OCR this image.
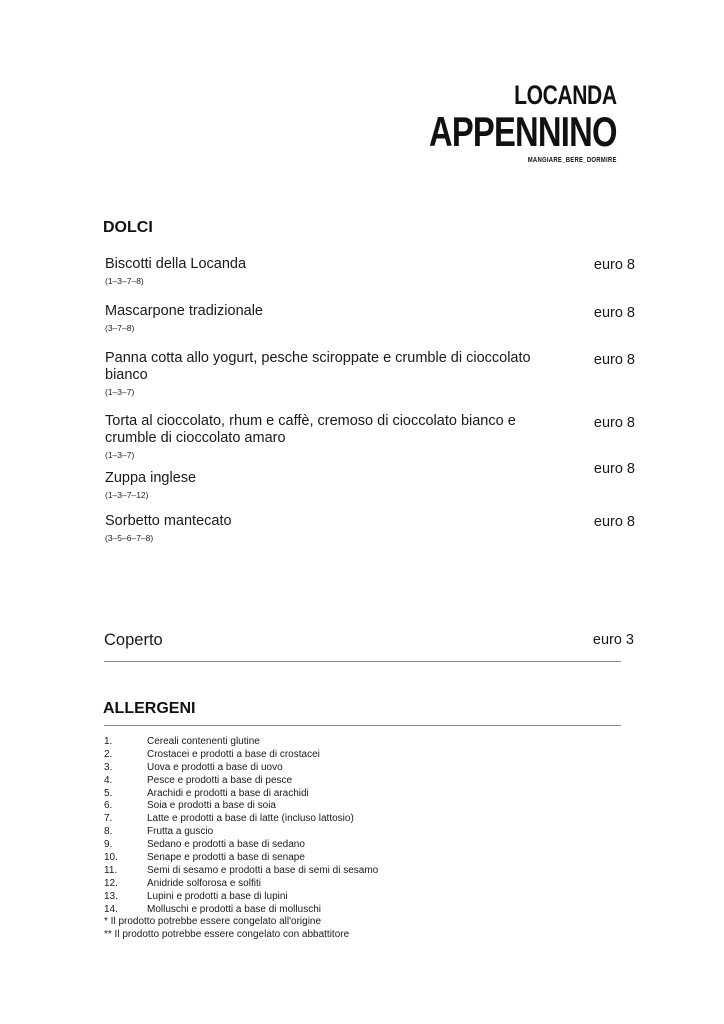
LOCANDA
APPENNINO
MANGIARE_BERE_DORMIRE
DOLCI
Biscotti della Locanda
(1–3–7–8)
euro 8
Mascarpone tradizionale
(3–7–8)
euro 8
Panna cotta allo yogurt, pesche sciroppate e crumble di cioccolato bianco
(1–3–7)
euro 8
Torta al cioccolato, rhum e caffè, cremoso di cioccolato bianco e crumble di cioccolato amaro
(1–3–7)
euro 8
Zuppa inglese
(1–3–7–12)
euro 8
Sorbetto mantecato
(3–5–6–7–8)
euro 8
Coperto	euro 3
ALLERGENI
1.	Cereali contenenti glutine
2.	Crostacei e prodotti a base di crostacei
3.	Uova e prodotti a base di uovo
4.	Pesce e prodotti a base di pesce
5.	Arachidi e prodotti a base di arachidi
6.	Soia e prodotti a base di soia
7.	Latte e prodotti a base di latte (incluso lattosio)
8.	Frutta a guscio
9.	Sedano e prodotti a base di sedano
10.	Senape e prodotti a base di senape
11.	Semi di sesamo e prodotti a base di semi di sesamo
12.	Anidride solforosa e solfiti
13.	Lupini e prodotti a base di lupini
14.	Molluschi e prodotti a base di molluschi
* Il prodotto potrebbe essere congelato all'origine
** Il prodotto potrebbe essere congelato con abbattitore
